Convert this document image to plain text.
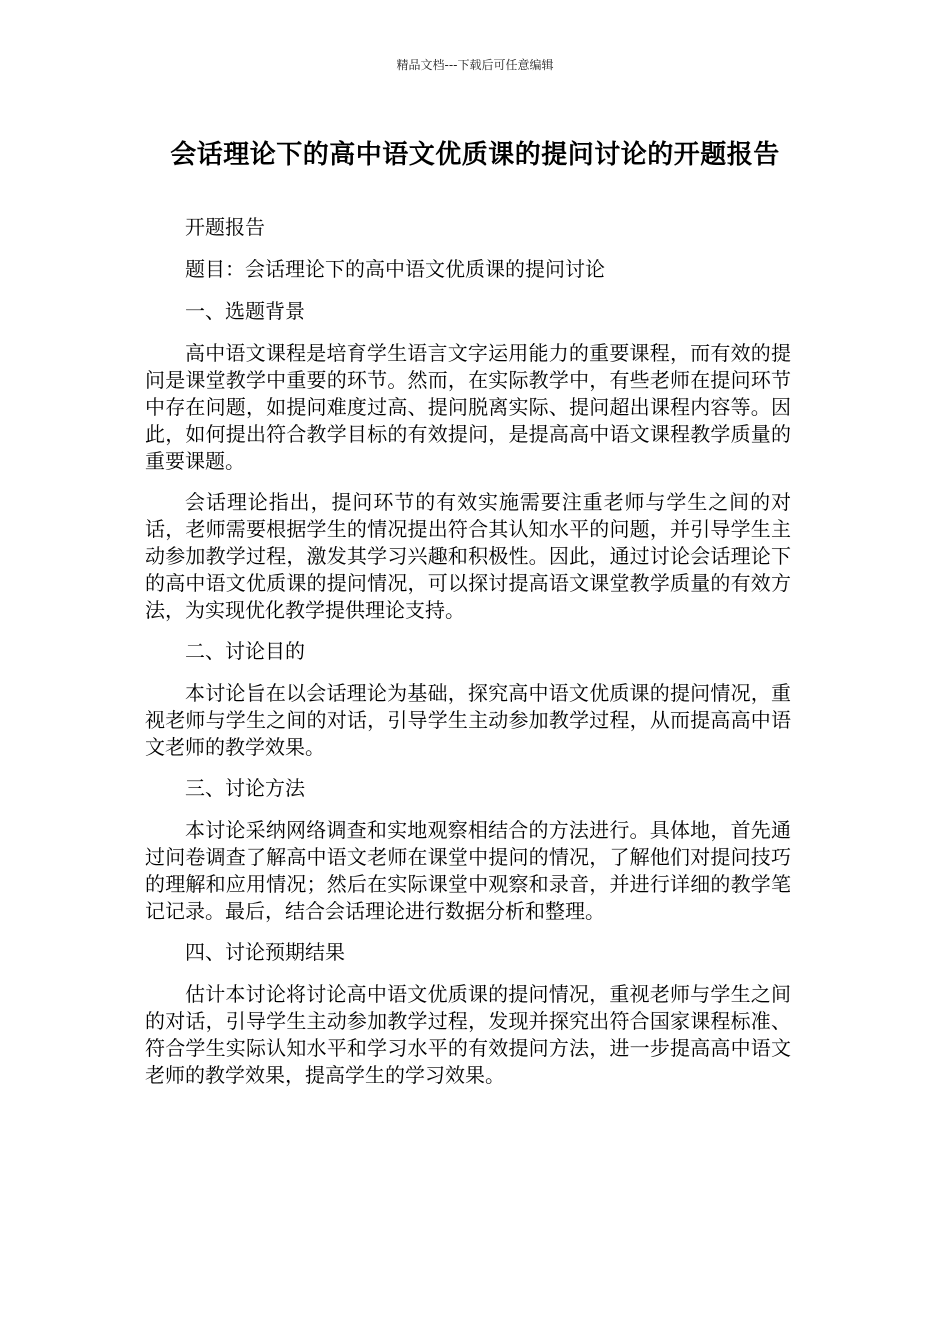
精品文档---下载后可任意编辑
会话理论下的高中语文优质课的提问讨论的开题报告

开题报告

题目：会话理论下的高中语文优质课的提问讨论

一、选题背景

高中语文课程是培育学生语言文字运用能力的重要课程，而有效的提问是课堂教学中重要的环节。然而，在实际教学中，有些老师在提问环节中存在问题，如提问难度过高、提问脱离实际、提问超出课程内容等。因此，如何提出符合教学目标的有效提问，是提高高中语文课程教学质量的重要课题。

会话理论指出，提问环节的有效实施需要注重老师与学生之间的对话，老师需要根据学生的情况提出符合其认知水平的问题，并引导学生主动参加教学过程，激发其学习兴趣和积极性。因此，通过讨论会话理论下的高中语文优质课的提问情况，可以探讨提高语文课堂教学质量的有效方法，为实现优化教学提供理论支持。

二、讨论目的

本讨论旨在以会话理论为基础，探究高中语文优质课的提问情况，重视老师与学生之间的对话，引导学生主动参加教学过程，从而提高高中语文老师的教学效果。

三、讨论方法

本讨论采纳网络调查和实地观察相结合的方法进行。具体地，首先通过问卷调查了解高中语文老师在课堂中提问的情况，了解他们对提问技巧的理解和应用情况；然后在实际课堂中观察和录音，并进行详细的教学笔记记录。最后，结合会话理论进行数据分析和整理。

四、讨论预期结果

估计本讨论将讨论高中语文优质课的提问情况，重视老师与学生之间的对话，引导学生主动参加教学过程，发现并探究出符合国家课程标准、符合学生实际认知水平和学习水平的有效提问方法，进一步提高高中语文老师的教学效果，提高学生的学习效果。
